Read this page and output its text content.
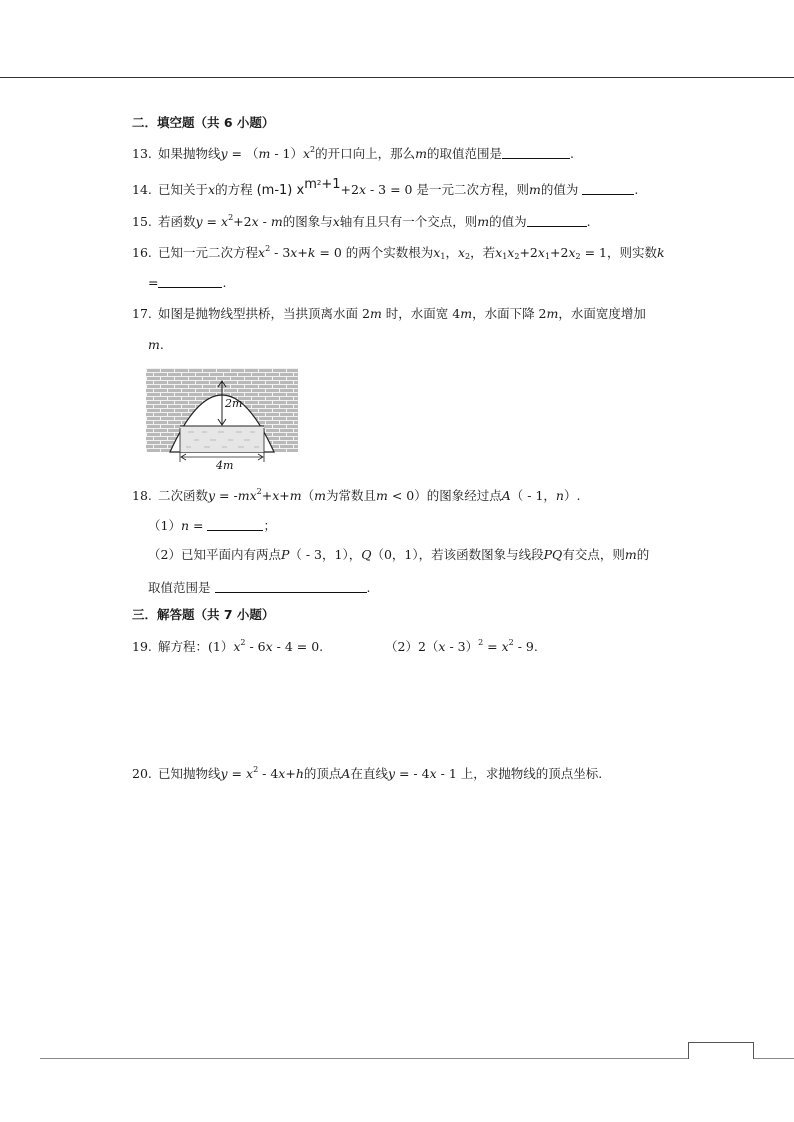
二．填空题（共 6 小题）
13. 如果抛物线$y = (m - 1)x^2$的开口向上，那么m的取值范围是	.
14. 已知关于x的方程 (m-1) $x^{m^2+1}+2x - 3 = 0$ 是一元二次方程，则m的值为	.
15. 若函数$y = x^2+2x - m$的图象与x轴有且只有一个交点，则m的值为	.
16. 已知一元二次方程$x^2 - 3x+k = 0$ 的两个实数根为$x_1$，$x_2$，若$x_1x_2+2x_1+2x_2 = 1$，则实数k
=	.
17. 如图是抛物线型拱桥，当拱顶离水面 2m 时，水面宽 4m，水面下降 2m，水面宽度增加
m.
2m
4m
18. 二次函数$y = -mx^2+x+m(m$为常数且m < 0）的图象经过点A（ - 1，n）.
（1）n =	；
（2）已知平面内有两点P（ - 3，1），Q（0，1），若该函数图象与线段PQ有交点，则m的
取值范围是	.
三．解答题（共 7 小题）
19. 解方程：$(1)x^2 - 6x - 4 = 0$.	$(2)2(x - 3)^2 = x^2 - 9$.
20. 已知抛物线$y = x^2 - 4x+h$的顶点A在直线y = - 4x - 1 上，求抛物线的顶点坐标.
